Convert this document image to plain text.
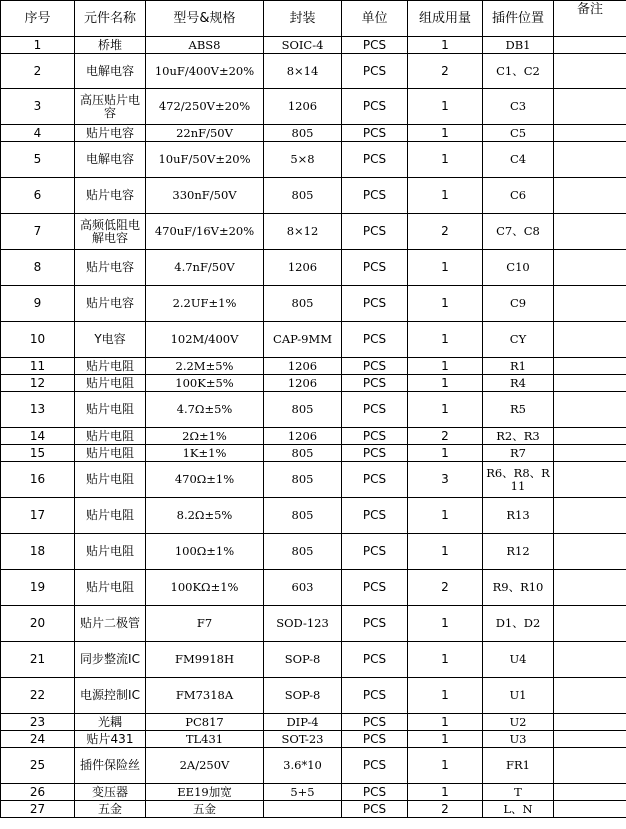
序号	元件名称	型号&规格	封装	单位	组成用量	插件位置	备注
1	桥堆	ABS8	SOIC-4	PCS	1	DB1	
2	电解电容	10uF/400V±20%	8×14	PCS	2	C1、C2	
3	高压贴片电容	472/250V±20%	1206	PCS	1	C3	
4	贴片电容	22nF/50V	805	PCS	1	C5	
5	电解电容	10uF/50V±20%	5×8	PCS	1	C4	
6	贴片电容	330nF/50V	805	PCS	1	C6	
7	高频低阻电解电容	470uF/16V±20%	8×12	PCS	2	C7、C8	
8	贴片电容	4.7nF/50V	1206	PCS	1	C10	
9	贴片电容	2.2UF±1%	805	PCS	1	C9	
10	Y电容	102M/400V	CAP-9MM	PCS	1	CY	
11	贴片电阻	2.2M±5%	1206	PCS	1	R1	
12	贴片电阻	100K±5%	1206	PCS	1	R4	
13	贴片电阻	4.7Ω±5%	805	PCS	1	R5	
14	贴片电阻	2Ω±1%	1206	PCS	2	R2、R3	
15	贴片电阻	1K±1%	805	PCS	1	R7	
16	贴片电阻	470Ω±1%	805	PCS	3	R6、R8、R11	
17	贴片电阻	8.2Ω±5%	805	PCS	1	R13	
18	贴片电阻	100Ω±1%	805	PCS	1	R12	
19	贴片电阻	100KΩ±1%	603	PCS	2	R9、R10	
20	贴片二极管	F7	SOD-123	PCS	1	D1、D2	
21	同步整流IC	FM9918H	SOP-8	PCS	1	U4	
22	电源控制IC	FM7318A	SOP-8	PCS	1	U1	
23	光耦	PC817	DIP-4	PCS	1	U2	
24	贴片431	TL431	SOT-23	PCS	1	U3	
25	插件保险丝	2A/250V	3.6*10	PCS	1	FR1	
26	变压器	EE19加宽	5+5	PCS	1	T	
27	五金	五金		PCS	2	L、N	
